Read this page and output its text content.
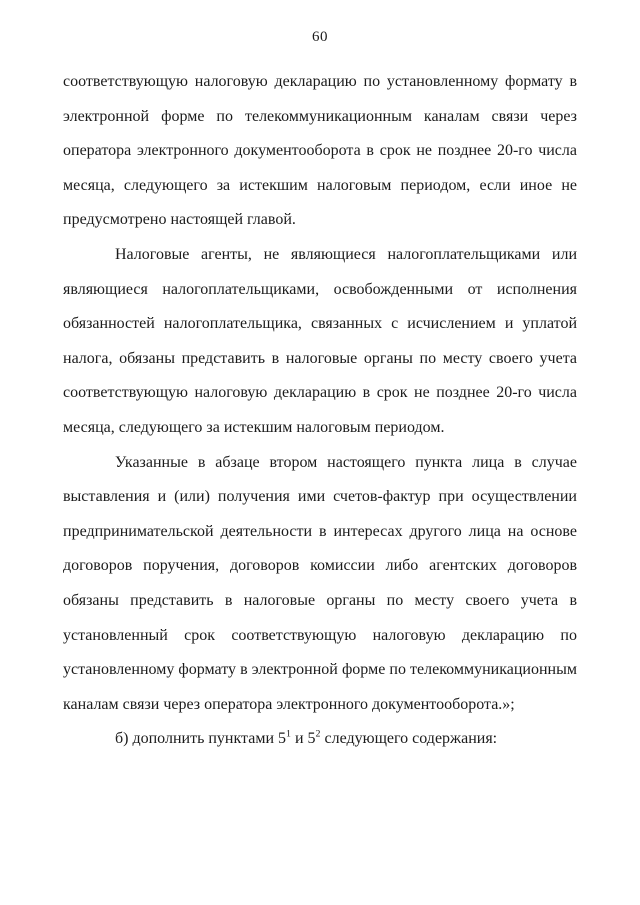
60
соответствующую налоговую декларацию по установленному формату в
электронной форме по телекоммуникационным каналам связи через
оператора электронного документооборота в срок не позднее 20-го числа
месяца, следующего за истекшим налоговым периодом, если иное не
предусмотрено настоящей главой.
Налоговые агенты, не являющиеся налогоплательщиками или
являющиеся налогоплательщиками, освобожденными от исполнения
обязанностей налогоплательщика, связанных с исчислением и уплатой
налога, обязаны представить в налоговые органы по месту своего учета
соответствующую налоговую декларацию в срок не позднее 20-го числа
месяца, следующего за истекшим налоговым периодом.
Указанные в абзаце втором настоящего пункта лица в случае
выставления и (или) получения ими счетов-фактур при осуществлении
предпринимательской деятельности в интересах другого лица на основе
договоров поручения, договоров комиссии либо агентских договоров
обязаны представить в налоговые органы по месту своего учета в
установленный срок соответствующую налоговую декларацию по
установленному формату в электронной форме по телекоммуникационным
каналам связи через оператора электронного документооборота.»;
б) дополнить пунктами $5^1$ и $5^2$ следующего содержания:
